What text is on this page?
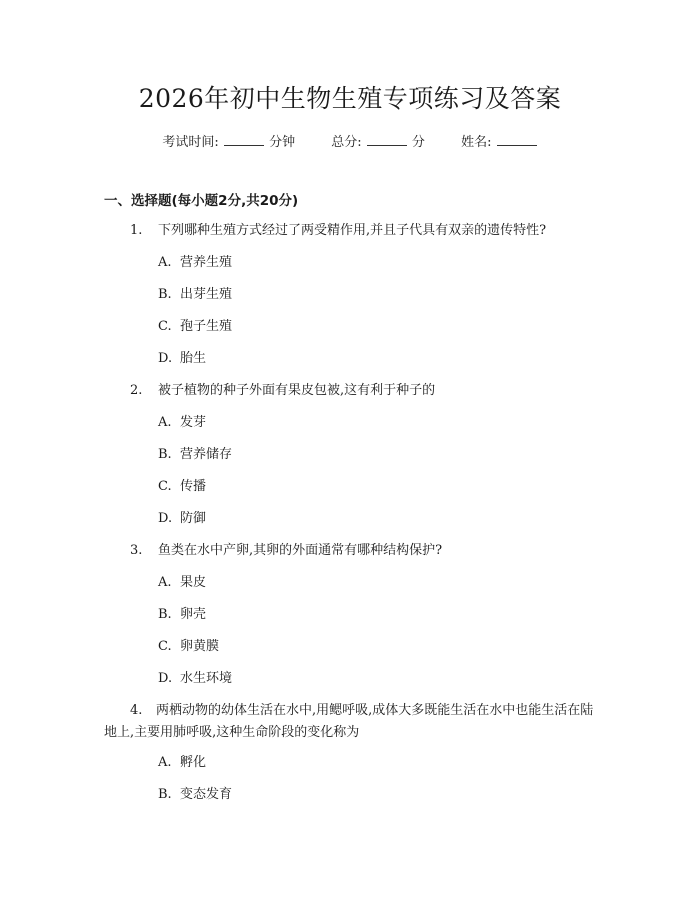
2026年初中生物生殖专项练习及答案
考试时间:	分钟	总分:	分	姓名:
一、选择题(每小题2分,共20分)
1. 下列哪种生殖方式经过了两受精作用,并且子代具有双亲的遗传特性?
A. 营养生殖
B. 出芽生殖
C. 孢子生殖
D. 胎生
2. 被子植物的种子外面有果皮包被,这有利于种子的
A. 发芽
B. 营养储存
C. 传播
D. 防御
3. 鱼类在水中产卵,其卵的外面通常有哪种结构保护?
A. 果皮
B. 卵壳
C. 卵黄膜
D. 水生环境
4. 两栖动物的幼体生活在水中,用鳃呼吸,成体大多既能生活在水中也能生活在陆地上,主要用肺呼吸,这种生命阶段的变化称为
A. 孵化
B. 变态发育
